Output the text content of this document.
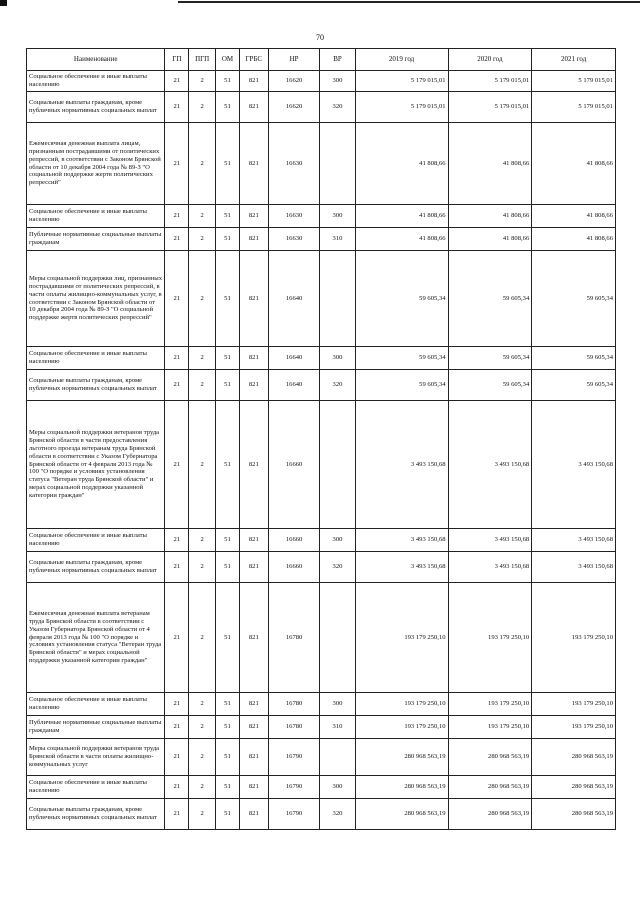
70
Наименование	ГП	ПГП	ОМ	ГРБС	НР	ВР	2019 год	2020 год	2021 год
Социальное обеспечение и иные выплаты населению	21	2	51	821	16620	300	5 179 015,01	5 179 015,01	5 179 015,01
Социальные выплаты гражданам, кроме публичных нормативных социальных выплат	21	2	51	821	16620	320	5 179 015,01	5 179 015,01	5 179 015,01
Ежемесячная денежная выплата лицам, признанным пострадавшими от политических репрессий, в соответствии с Законом Брянской области от 10 декабря 2004 года № 89-З "О социальной поддержке жертв политических репрессий"	21	2	51	821	16630		41 808,66	41 808,66	41 808,66
Социальное обеспечение и иные выплаты населению	21	2	51	821	16630	300	41 808,66	41 808,66	41 808,66
Публичные нормативные социальные выплаты гражданам	21	2	51	821	16630	310	41 808,66	41 808,66	41 808,66
Меры социальной поддержки лиц, признанных пострадавшими от политических репрессий, в части оплаты жилищно-коммунальных услуг, в соответствии с Законом Брянской области от 10 декабря 2004 года № 89-З "О социальной поддержке жертв политических репрессий"	21	2	51	821	16640		59 605,34	59 605,34	59 605,34
Социальное обеспечение и иные выплаты населению	21	2	51	821	16640	300	59 605,34	59 605,34	59 605,34
Социальные выплаты гражданам, кроме публичных нормативных социальных выплат	21	2	51	821	16640	320	59 605,34	59 605,34	59 605,34
Меры социальной поддержки ветеранов труда Брянской области в части предоставления льготного проезда ветеранам труда Брянской области в соответствии с Указом Губернатора Брянской области от 4 февраля 2013 года № 100 "О порядке и условиях установления статуса "Ветеран труда Брянской области" и мерах социальной поддержки указанной категории граждан"	21	2	51	821	16660		3 493 150,68	3 493 150,68	3 493 150,68
Социальное обеспечение и иные выплаты населению	21	2	51	821	16660	300	3 493 150,68	3 493 150,68	3 493 150,68
Социальные выплаты гражданам, кроме публичных нормативных социальных выплат	21	2	51	821	16660	320	3 493 150,68	3 493 150,68	3 493 150,68
Ежемесячная денежная выплата ветеранам труда Брянской области в соответствии с Указом Губернатора Брянской области от 4 февраля 2013 года № 100 "О порядке и условиях установления статуса "Ветеран труда Брянской области" и мерах социальной поддержки указанной категории граждан"	21	2	51	821	16780		193 179 250,10	193 179 250,10	193 179 250,10
Социальное обеспечение и иные выплаты населению	21	2	51	821	16780	300	193 179 250,10	193 179 250,10	193 179 250,10
Публичные нормативные социальные выплаты гражданам	21	2	51	821	16780	310	193 179 250,10	193 179 250,10	193 179 250,10
Меры социальной поддержки ветеранов труда Брянской области в части оплаты жилищно-коммунальных услуг	21	2	51	821	16790		280 968 563,19	280 968 563,19	280 968 563,19
Социальное обеспечение и иные выплаты населению	21	2	51	821	16790	300	280 968 563,19	280 968 563,19	280 968 563,19
Социальные выплаты гражданам, кроме публичных нормативных социальных выплат	21	2	51	821	16790	320	280 968 563,19	280 968 563,19	280 968 563,19
